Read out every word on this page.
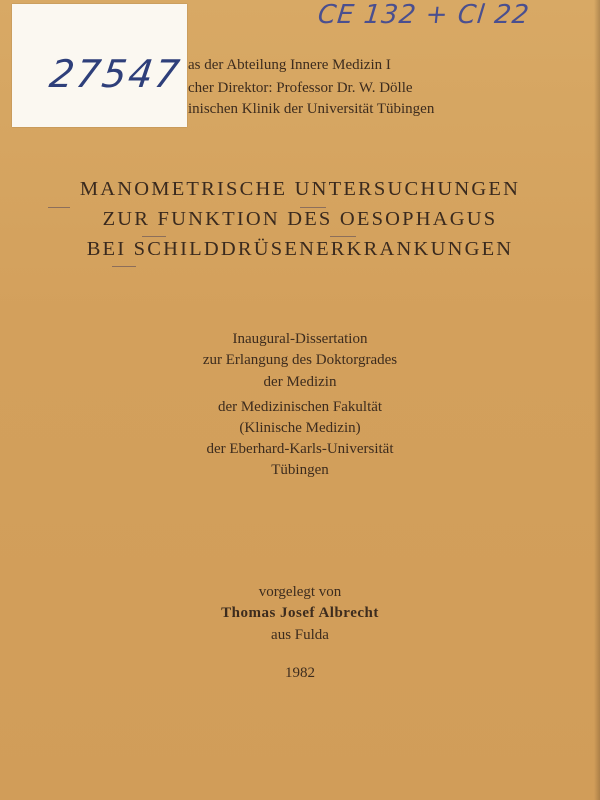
27547
CE 132 + Cl 22
as der Abteilung Innere Medizin I
cher Direktor: Professor Dr. W. Dölle
inischen Klinik der Universität Tübingen
MANOMETRISCHE UNTERSUCHUNGEN
ZUR FUNKTION DES OESOPHAGUS
BEI SCHILDDRÜSENERKRANKUNGEN
Inaugural-Dissertation
zur Erlangung des Doktorgrades
der Medizin
der Medizinischen Fakultät
(Klinische Medizin)
der Eberhard-Karls-Universität
Tübingen
vorgelegt von
Thomas Josef Albrecht
aus Fulda
1982
